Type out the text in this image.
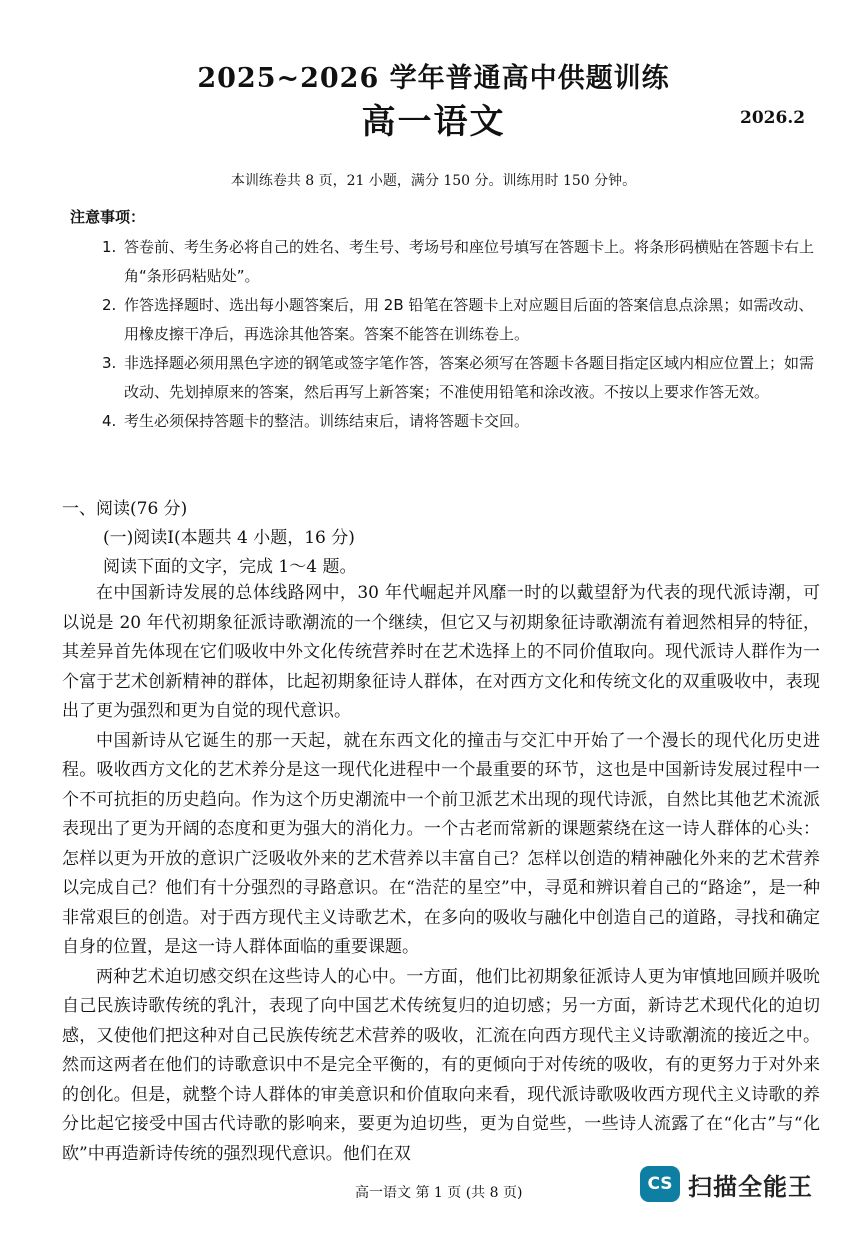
2025~2026 学年普通高中供题训练
高一语文	2026.2
本训练卷共 8 页，21 小题，满分 150 分。训练用时 150 分钟。
注意事项：
1. 答卷前、考生务必将自己的姓名、考生号、考场号和座位号填写在答题卡上。将条形码横贴在答题卡右上角“条形码粘贴处”。
2. 作答选择题时、选出每小题答案后，用 2B 铅笔在答题卡上对应题目后面的答案信息点涂黑；如需改动、用橡皮擦干净后，再选涂其他答案。答案不能答在训练卷上。
3. 非选择题必须用黑色字迹的钢笔或签字笔作答，答案必须写在答题卡各题目指定区域内相应位置上；如需改动、先划掉原来的答案，然后再写上新答案；不准使用铅笔和涂改液。不按以上要求作答无效。
4. 考生必须保持答题卡的整洁。训练结束后，请将答题卡交回。
一、阅读(76 分)
(一)阅读Ⅰ(本题共 4 小题，16 分)
阅读下面的文字，完成 1～4 题。

在中国新诗发展的总体线路网中，30 年代崛起并风靡一时的以戴望舒为代表的现代派诗潮，可以说是 20 年代初期象征派诗歌潮流的一个继续，但它又与初期象征诗歌潮流有着迥然相异的特征，其差异首先体现在它们吸收中外文化传统营养时在艺术选择上的不同价值取向。现代派诗人群作为一个富于艺术创新精神的群体，比起初期象征诗人群体，在对西方文化和传统文化的双重吸收中，表现出了更为强烈和更为自觉的现代意识。

中国新诗从它诞生的那一天起，就在东西文化的撞击与交汇中开始了一个漫长的现代化历史进程。吸收西方文化的艺术养分是这一现代化进程中一个最重要的环节，这也是中国新诗发展过程中一个不可抗拒的历史趋向。作为这个历史潮流中一个前卫派艺术出现的现代诗派，自然比其他艺术流派表现出了更为开阔的态度和更为强大的消化力。一个古老而常新的课题萦绕在这一诗人群体的心头：怎样以更为开放的意识广泛吸收外来的艺术营养以丰富自己？怎样以创造的精神融化外来的艺术营养以完成自己？他们有十分强烈的寻路意识。在“浩茫的星空”中，寻觅和辨识着自己的“路途”，是一种非常艰巨的创造。对于西方现代主义诗歌艺术，在多向的吸收与融化中创造自己的道路，寻找和确定自身的位置，是这一诗人群体面临的重要课题。

两种艺术迫切感交织在这些诗人的心中。一方面，他们比初期象征派诗人更为审慎地回顾并吸吮自己民族诗歌传统的乳汁，表现了向中国艺术传统复归的迫切感；另一方面，新诗艺术现代化的迫切感，又使他们把这种对自己民族传统艺术营养的吸收，汇流在向西方现代主义诗歌潮流的接近之中。然而这两者在他们的诗歌意识中不是完全平衡的，有的更倾向于对传统的吸收，有的更努力于对外来的创化。但是，就整个诗人群体的审美意识和价值取向来看，现代派诗歌吸收西方现代主义诗歌的养分比起它接受中国古代诗歌的影响来，要更为迫切些，更为自觉些，一些诗人流露了在“化古”与“化欧”中再造新诗传统的强烈现代意识。他们在双

高一语文 第 1 页 (共 8 页)	CS 扫描全能王
